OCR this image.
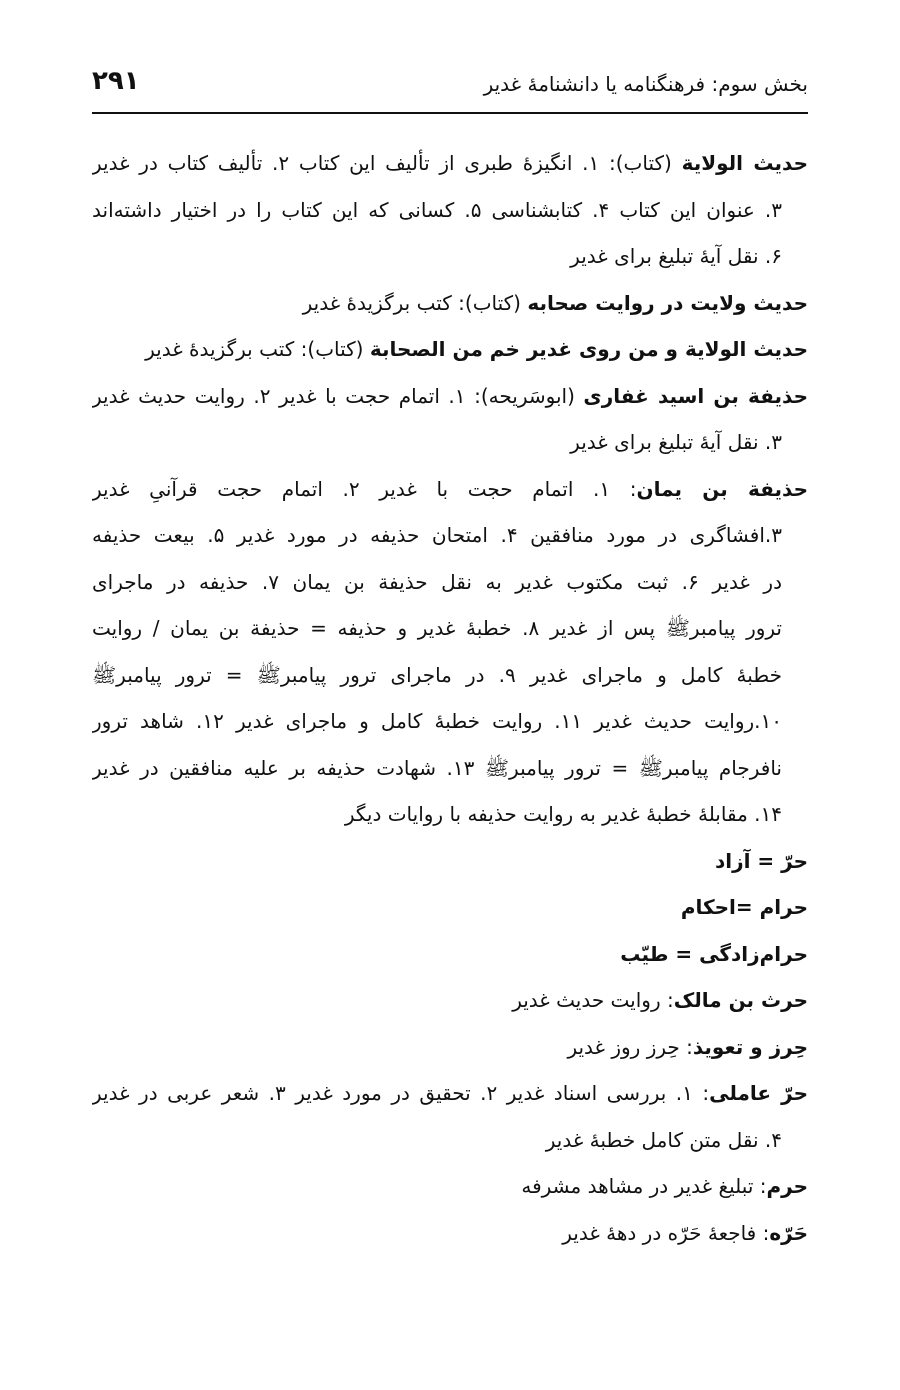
بخش سوم: فرهنگنامه یا دانشنامهٔ غدیر
۲۹۱
حدیث الولایة (کتاب): ۱. انگیزهٔ طبری از تألیف این کتاب ۲. تألیف کتاب در غدیر
۳. عنوان این کتاب ۴. کتابشناسی ۵. کسانی که این کتاب را در اختیار داشته‌اند
۶. نقل آیهٔ تبلیغ برای غدیر
حدیث ولایت در روایت صحابه (کتاب): کتب برگزیدهٔ غدیر
حدیث الولایة و من روی غدیر خم من الصحابة (کتاب): کتب برگزیدهٔ غدیر
حذیفة بن اسید غفاری (ابوسَریحه): ۱. اتمام حجت با غدیر ۲. روایت حدیث غدیر
۳. نقل آیهٔ تبلیغ برای غدیر
حذیفة بن یمان: ۱. اتمام حجت با غدیر ۲. اتمام حجت قرآنیِ غدیر
۳.افشاگری در مورد منافقین ۴. امتحان حذیفه در مورد غدیر ۵. بیعت حذیفه
در غدیر ۶. ثبت مکتوب غدیر به نقل حذیفة بن یمان ۷. حذیفه در ماجرای
ترور پیامبرﷺ پس از غدیر ۸. خطبهٔ غدیر و حذیفه = حذیفة بن یمان / روایت
خطبهٔ کامل و ماجرای غدیر ۹. در ماجرای ترور پیامبرﷺ = ترور پیامبرﷺ
۱۰.روایت حدیث غدیر ۱۱. روایت خطبهٔ کامل و ماجرای غدیر ۱۲. شاهد ترور
نافرجام پیامبرﷺ = ترور پیامبرﷺ ۱۳. شهادت حذیفه بر علیه منافقین در غدیر
۱۴. مقابلهٔ خطبهٔ غدیر به روایت حذیفه با روایات دیگر
حرّ = آزاد
حرام =احکام
حرام‌زادگی = طیّب
حرث بن مالک: روایت حدیث غدیر
حِرز و تعویذ: حِرز روز غدیر
حرّ عاملی: ۱. بررسی اسناد غدیر ۲. تحقیق در مورد غدیر ۳. شعر عربی در غدیر
۴. نقل متن کامل خطبهٔ غدیر
حرم: تبلیغ غدیر در مشاهد مشرفه
حَرّه: فاجعهٔ حَرّه در دههٔ غدیر
